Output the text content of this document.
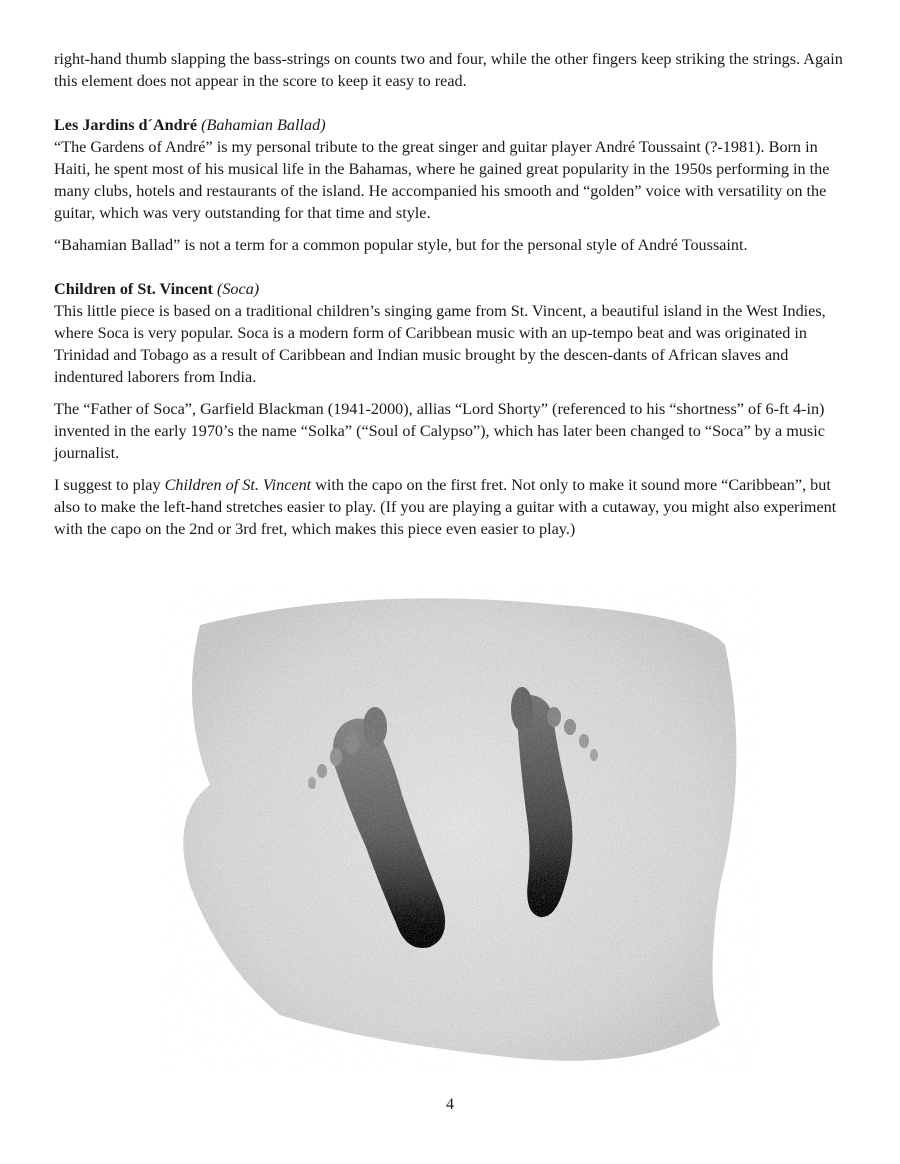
right-hand thumb slapping the bass-strings on counts two and four, while the other fingers keep striking the strings. Again this element does not appear in the score to keep it easy to read.

Les Jardins d´André (Bahamian Ballad)

“The Gardens of André” is my personal tribute to the great singer and guitar player André Toussaint (?-1981). Born in Haiti, he spent most of his musical life in the Bahamas, where he gained great popularity in the 1950s performing in the many clubs, hotels and restaurants of the island. He accompanied his smooth and “golden” voice with versatility on the guitar, which was very outstanding for that time and style.

“Bahamian Ballad” is not a term for a common popular style, but for the personal style of André Toussaint.

Children of St. Vincent (Soca)

This little piece is based on a traditional children’s singing game from St. Vincent, a beautiful island in the West Indies, where Soca is very popular. Soca is a modern form of Caribbean music with an up-tempo beat and was originated in Trinidad and Tobago as a result of Caribbean and Indian music brought by the descen-dants of African slaves and indentured laborers from India.

The “Father of Soca”, Garfield Blackman (1941-2000), allias “Lord Shorty” (referenced to his “shortness” of 6-ft 4-in) invented in the early 1970’s the name “Solka” (“Soul of Calypso”), which has later been changed to “Soca” by a music journalist.

I suggest to play Children of St. Vincent with the capo on the first fret. Not only to make it sound more “Caribbean”, but also to make the left-hand stretches easier to play. (If you are playing a guitar with a cutaway, you might also experiment with the capo on the 2nd or 3rd fret, which makes this piece even easier to play.)

4
